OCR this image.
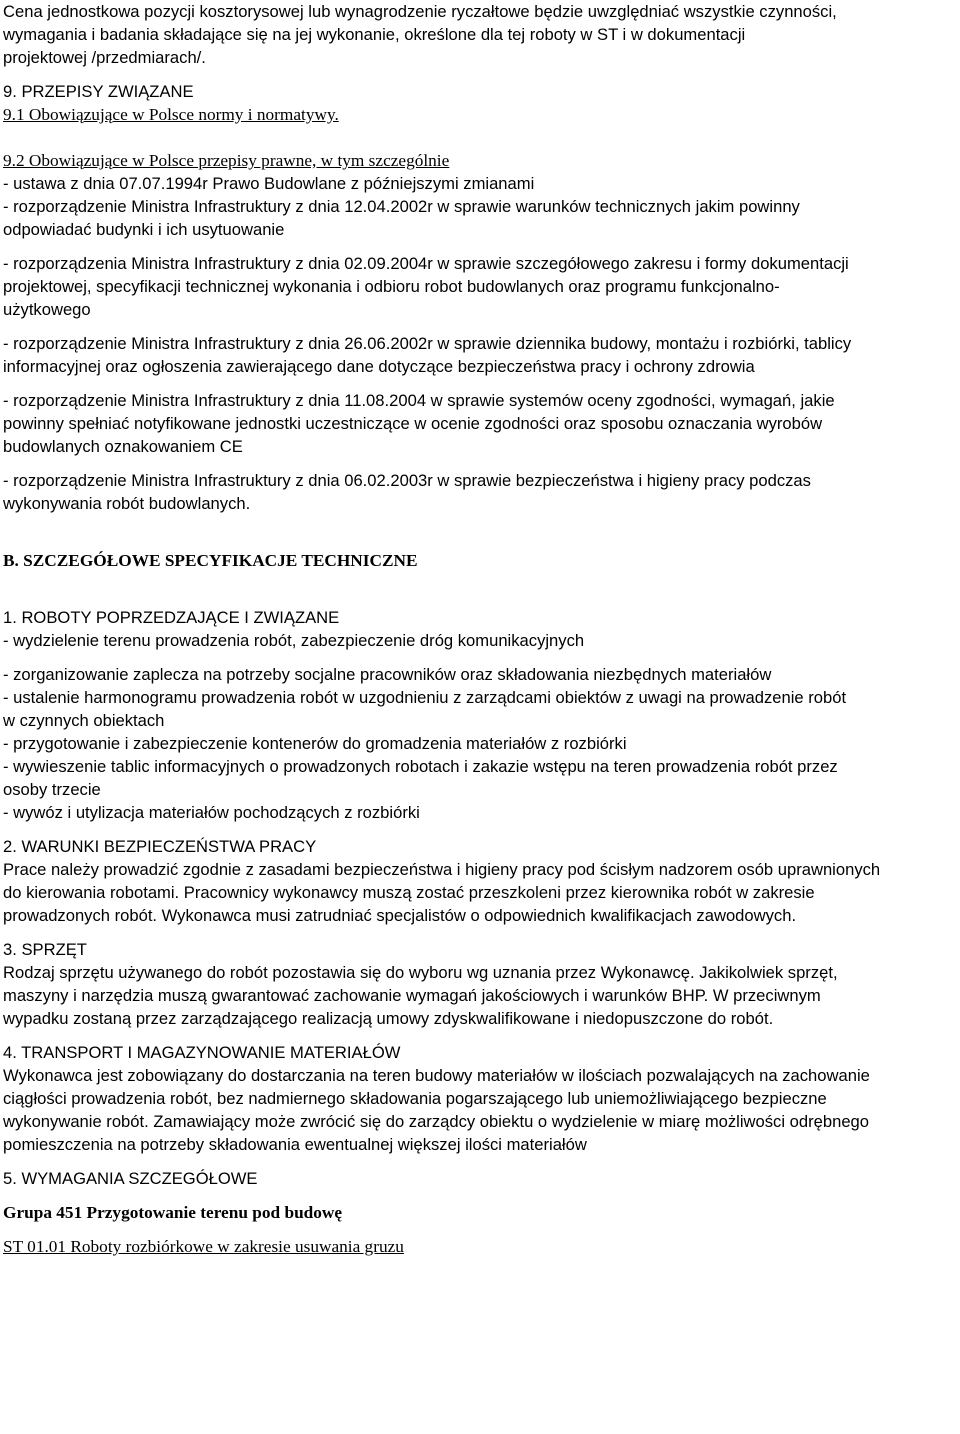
Cena jednostkowa pozycji kosztorysowej lub wynagrodzenie ryczałtowe będzie uwzględniać wszystkie czynności,

wymagania i badania składające się na jej wykonanie, określone dla tej roboty w ST i w dokumentacji

projektowej /przedmiarach/.

9. PRZEPISY ZWIĄZANE

9.1 Obowiązujące w Polsce normy i normatywy.

9.2 Obowiązujące w Polsce przepisy prawne, w tym szczególnie

- ustawa z dnia 07.07.1994r Prawo Budowlane z późniejszymi zmianami

- rozporządzenie Ministra Infrastruktury z dnia 12.04.2002r w sprawie warunków technicznych jakim powinny

odpowiadać budynki i ich usytuowanie

- rozporządzenia Ministra Infrastruktury z dnia 02.09.2004r w sprawie szczegółowego zakresu i formy dokumentacji

projektowej, specyfikacji technicznej wykonania i odbioru robot budowlanych oraz programu funkcjonalno-

użytkowego

- rozporządzenie Ministra Infrastruktury z dnia 26.06.2002r w sprawie dziennika budowy, montażu i rozbiórki, tablicy

informacyjnej oraz ogłoszenia zawierającego dane dotyczące bezpieczeństwa pracy i ochrony zdrowia

- rozporządzenie Ministra Infrastruktury z dnia 11.08.2004 w sprawie systemów oceny zgodności, wymagań, jakie

powinny spełniać notyfikowane jednostki uczestniczące w ocenie zgodności oraz sposobu oznaczania wyrobów

budowlanych oznakowaniem CE

- rozporządzenie Ministra Infrastruktury z dnia 06.02.2003r w sprawie bezpieczeństwa i higieny pracy podczas

wykonywania robót budowlanych.

B. SZCZEGÓŁOWE SPECYFIKACJE TECHNICZNE

1. ROBOTY POPRZEDZAJĄCE I ZWIĄZANE

- wydzielenie terenu prowadzenia robót, zabezpieczenie dróg komunikacyjnych

- zorganizowanie zaplecza na potrzeby socjalne pracowników oraz składowania niezbędnych materiałów

- ustalenie harmonogramu prowadzenia robót w uzgodnieniu z zarządcami obiektów z uwagi na prowadzenie robót

w czynnych obiektach

- przygotowanie i zabezpieczenie kontenerów do gromadzenia materiałów z rozbiórki

- wywieszenie tablic informacyjnych o prowadzonych robotach i zakazie wstępu na teren prowadzenia robót przez

osoby trzecie

- wywóz i utylizacja materiałów pochodzących z rozbiórki

2. WARUNKI BEZPIECZEŃSTWA PRACY

Prace należy prowadzić zgodnie z zasadami bezpieczeństwa i higieny pracy pod ścisłym nadzorem osób uprawnionych

do kierowania robotami. Pracownicy wykonawcy muszą zostać przeszkoleni przez kierownika robót w zakresie

prowadzonych robót. Wykonawca musi zatrudniać specjalistów o odpowiednich kwalifikacjach zawodowych.

3. SPRZĘT

Rodzaj sprzętu używanego do robót pozostawia się do wyboru wg uznania przez Wykonawcę. Jakikolwiek sprzęt,

maszyny i narzędzia muszą gwarantować zachowanie wymagań jakościowych i warunków BHP. W przeciwnym

wypadku zostaną przez zarządzającego realizacją umowy zdyskwalifikowane i niedopuszczone do robót.

4. TRANSPORT I MAGAZYNOWANIE MATERIAŁÓW

Wykonawca jest zobowiązany do dostarczania na teren budowy materiałów w ilościach pozwalających na zachowanie

ciągłości prowadzenia robót, bez nadmiernego składowania pogarszającego lub uniemożliwiającego bezpieczne

wykonywanie robót. Zamawiający może zwrócić się do zarządcy obiektu o wydzielenie w miarę możliwości odrębnego

pomieszczenia na potrzeby składowania ewentualnej większej ilości materiałów

5. WYMAGANIA SZCZEGÓŁOWE

Grupa 451 Przygotowanie terenu pod budowę

ST 01.01 Roboty rozbiórkowe w zakresie usuwania gruzu
